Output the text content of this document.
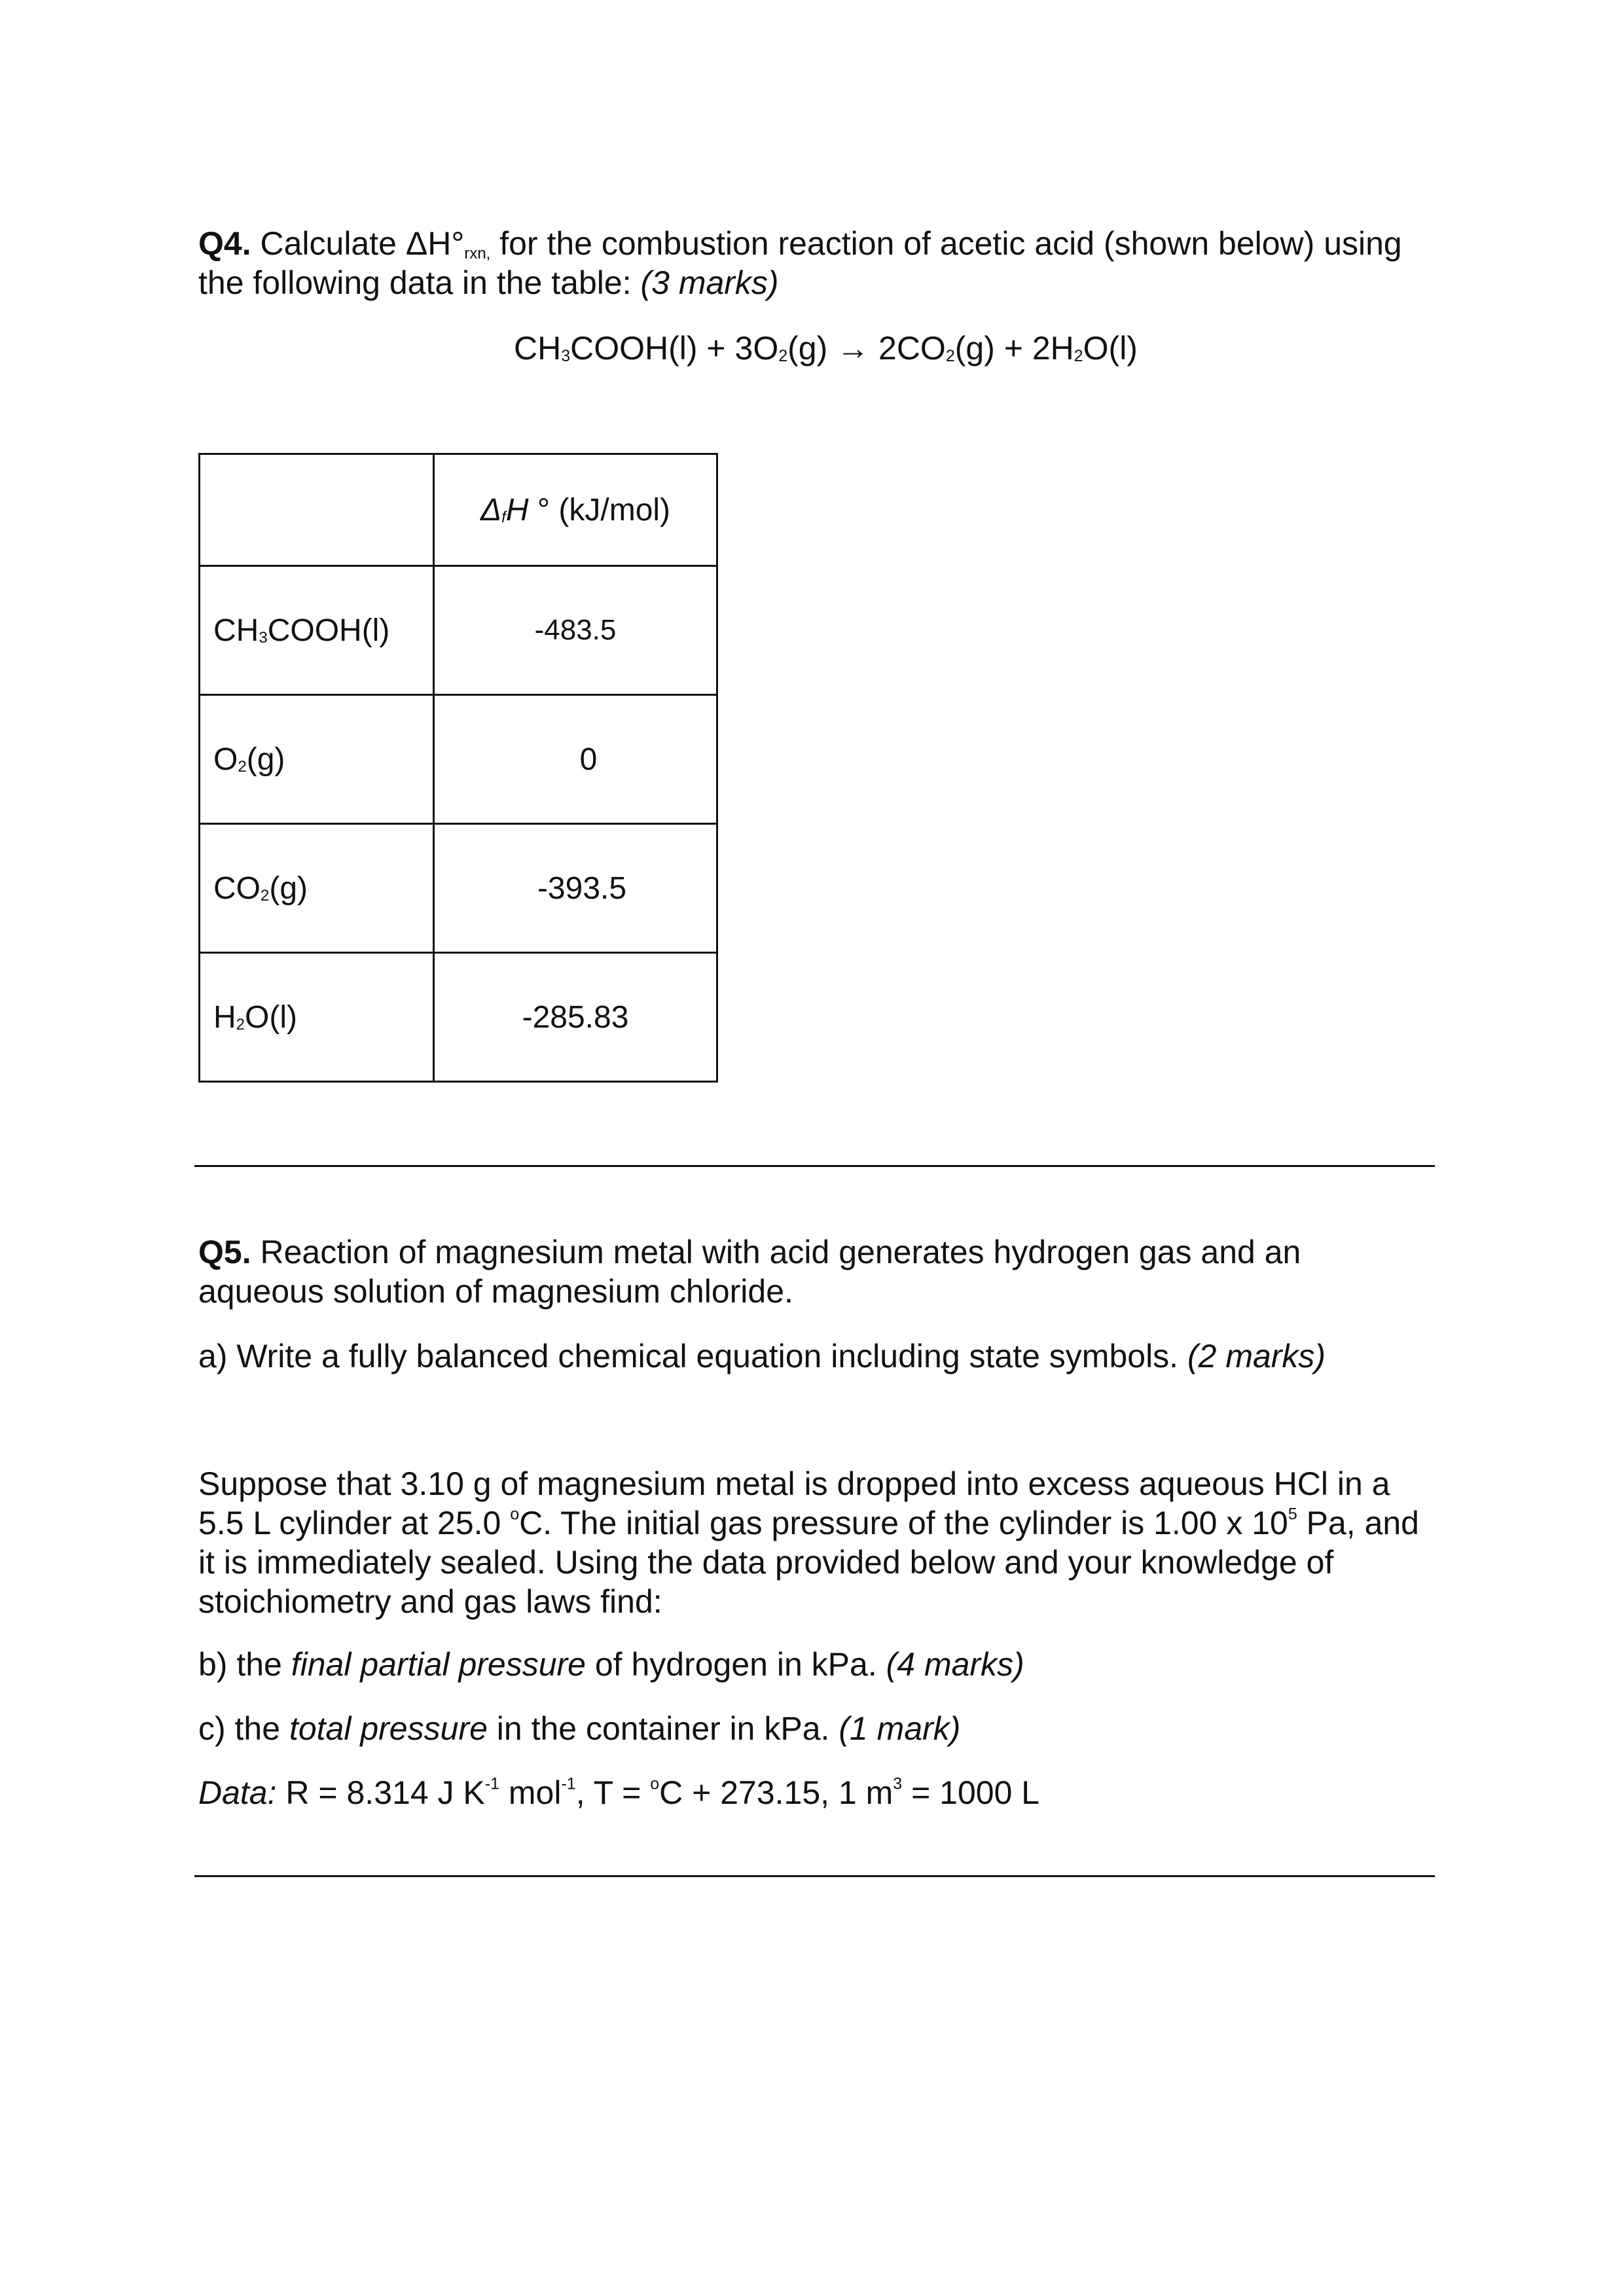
Q4. Calculate ΔH°rxn, for the combustion reaction of acetic acid (shown below) using
the following data in the table: (3 marks)
$CH_3COOH(l) + 3O_2(g) \to 2CO_2(g) + 2H_2O(l)$
	$\Delta_fH$ ° (kJ/mol)
$CH_3COOH(l)$	-483.5
$O_2(g)$	0
$CO_2(g)$	-393.5
$H_2O(l)$	-285.83
Q5. Reaction of magnesium metal with acid generates hydrogen gas and an
aqueous solution of magnesium chloride.
a) Write a fully balanced chemical equation including state symbols. (2 marks)
Suppose that 3.10 g of magnesium metal is dropped into excess aqueous HCl in a
5.5 L cylinder at 25.0 $^o$C. The initial gas pressure of the cylinder is 1.00 x $10^5$ Pa, and
it is immediately sealed. Using the data provided below and your knowledge of
stoichiometry and gas laws find:
b) the final partial pressure of hydrogen in kPa. (4 marks)
c) the total pressure in the container in kPa. (1 mark)
Data: R = 8.314 J $K^{-1}$ mol$^{-1}$, T = $^o$C + 273.15, 1 $m^3 = 1000$ L
